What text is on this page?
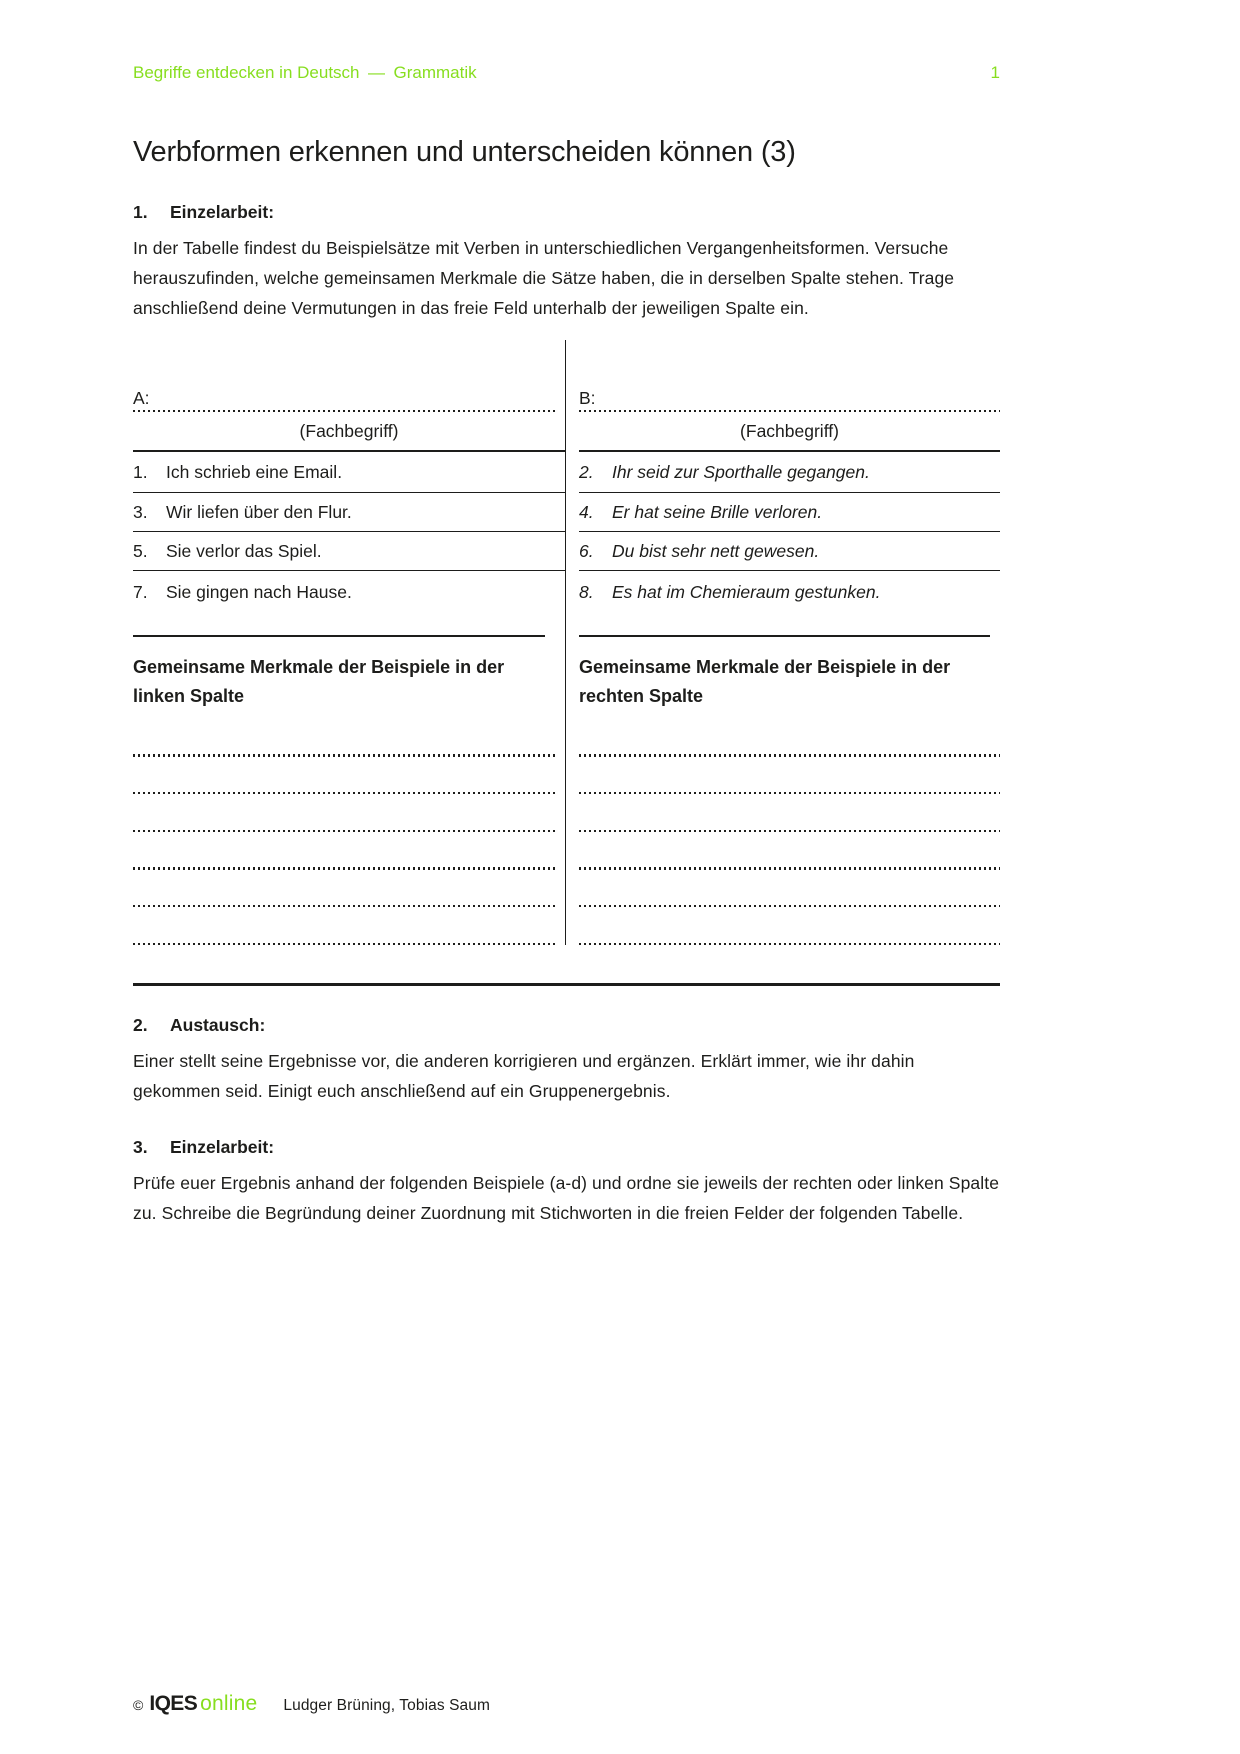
Begriffe entdecken in Deutsch — Grammatik	1
Verbformen erkennen und unterscheiden können (3)
1.	Einzelarbeit:
In der Tabelle findest du Beispielsätze mit Verben in unterschiedlichen Vergangenheitsformen. Versuche herauszufinden, welche gemeinsamen Merkmale die Sätze haben, die in derselben Spalte stehen. Trage anschließend deine Vermutungen in das freie Feld unterhalb der jeweiligen Spalte ein.
A:
(Fachbegriff)
1.	Ich schrieb eine Email.
3.	Wir liefen über den Flur.
5.	Sie verlor das Spiel.
7.	Sie gingen nach Hause.
Gemeinsame Merkmale der Beispiele in der linken Spalte
B:
(Fachbegriff)
2.	Ihr seid zur Sporthalle gegangen.
4.	Er hat seine Brille verloren.
6.	Du bist sehr nett gewesen.
8.	Es hat im Chemieraum gestunken.
Gemeinsame Merkmale der Beispiele in der rechten Spalte
2.	Austausch:
Einer stellt seine Ergebnisse vor, die anderen korrigieren und ergänzen. Erklärt immer, wie ihr dahin gekommen seid. Einigt euch anschließend auf ein Gruppenergebnis.
3.	Einzelarbeit:
Prüfe euer Ergebnis anhand der folgenden Beispiele (a-d) und ordne sie jeweils der rechten oder linken Spalte zu. Schreibe die Begründung deiner Zuordnung mit Stichworten in die freien Felder der folgenden Tabelle.
© IQES online Ludger Brüning, Tobias Saum
